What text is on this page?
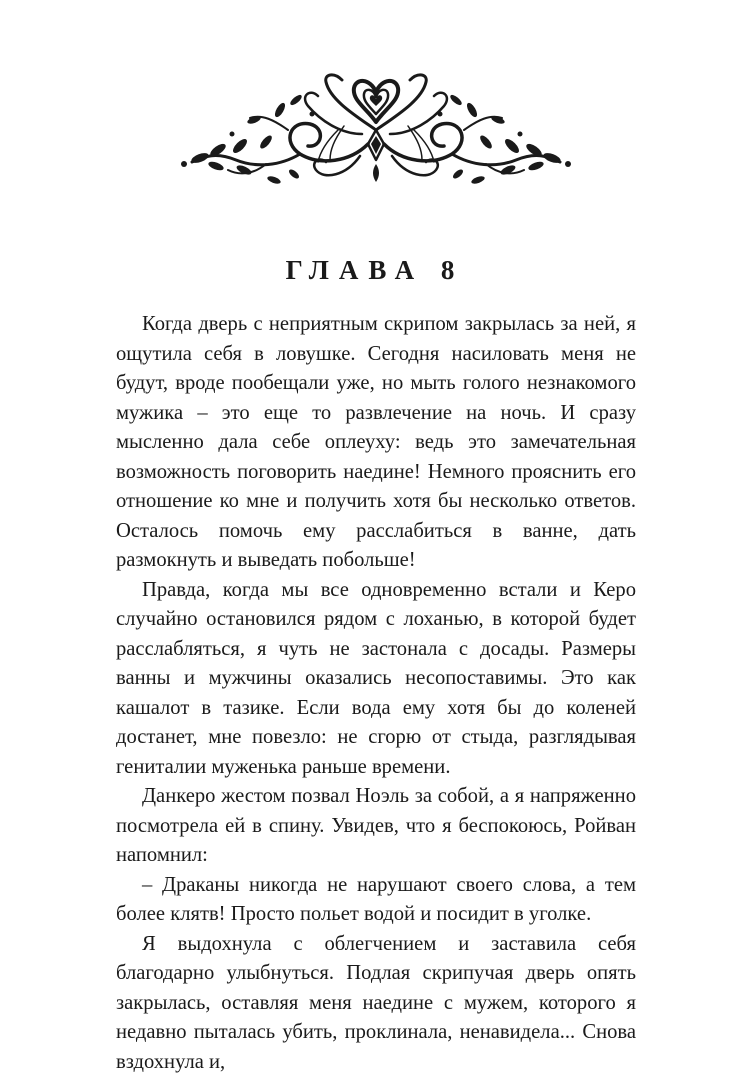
ГЛАВА 8

Когда дверь с неприятным скрипом закрылась за ней, я ощутила себя в ловушке. Сегодня насиловать меня не будут, вроде пообещали уже, но мыть голого незнакомого мужика – это еще то развлечение на ночь. И сразу мысленно дала себе оплеуху: ведь это замечательная возможность поговорить наедине! Немного прояснить его отношение ко мне и получить хотя бы несколько ответов. Осталось помочь ему расслабиться в ванне, дать размокнуть и выведать побольше!

Правда, когда мы все одновременно встали и Керо случайно остановился рядом с лоханью, в которой будет расслабляться, я чуть не застонала с досады. Размеры ванны и мужчины оказались несопоставимы. Это как кашалот в тазике. Если вода ему хотя бы до коленей достанет, мне повезло: не сгорю от стыда, разглядывая гениталии муженька раньше времени.

Данкеро жестом позвал Ноэль за собой, а я напряженно посмотрела ей в спину. Увидев, что я беспокоюсь, Ройван напомнил:

– Драканы никогда не нарушают своего слова, а тем более клятв! Просто польет водой и посидит в уголке.

Я выдохнула с облегчением и заставила себя благодарно улыбнуться. Подлая скрипучая дверь опять закрылась, оставляя меня наедине с мужем, которого я недавно пыталась убить, проклинала, ненавидела... Снова вздохнула и,
